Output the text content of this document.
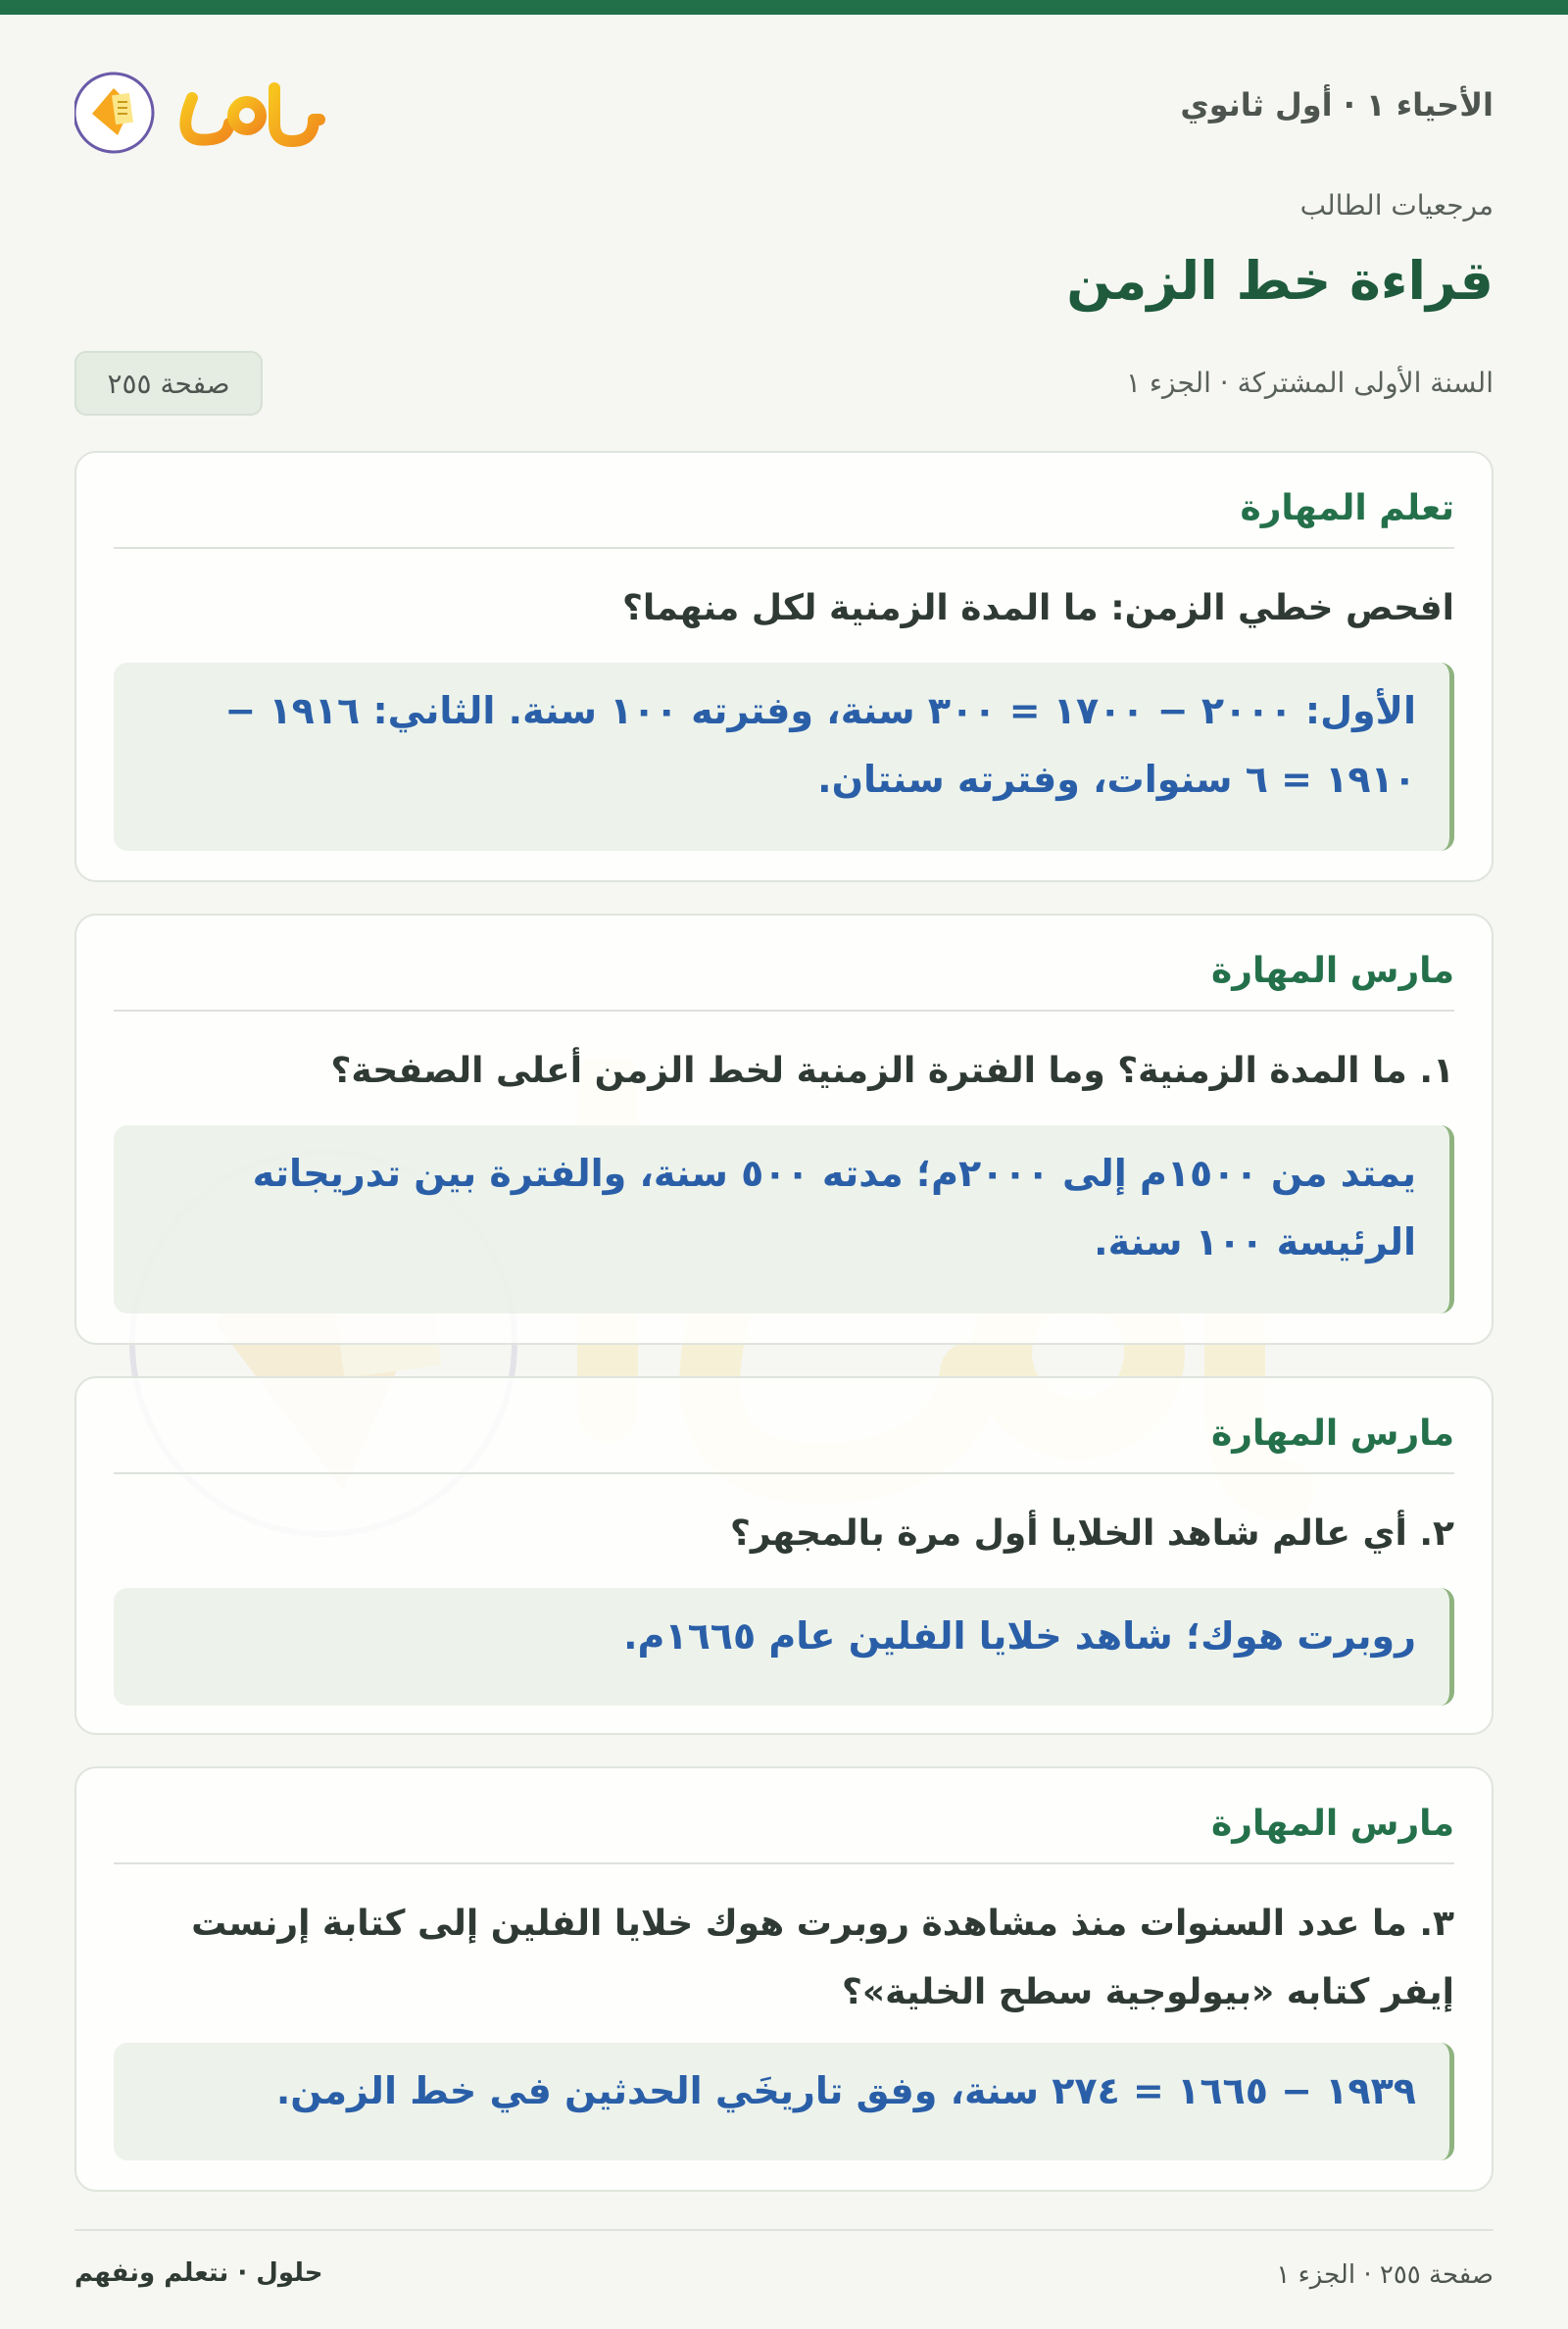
الأحياء ١ · أول ثانوي
مرجعيات الطالب
قراءة خط الزمن
السنة الأولى المشتركة · الجزء ١
صفحة ٢٥٥
تعلم المهارة
افحص خطي الزمن: ما المدة الزمنية لكل منهما؟
الأول: ٢٠٠٠ − ١٧٠٠ = ٣٠٠ سنة، وفترته ١٠٠ سنة. الثاني: ١٩١٦ − ١٩١٠ = ٦ سنوات، وفترته سنتان.
مارس المهارة
١. ما المدة الزمنية؟ وما الفترة الزمنية لخط الزمن أعلى الصفحة؟
يمتد من ١٥٠٠م إلى ٢٠٠٠م؛ مدته ٥٠٠ سنة، والفترة بين تدريجاته الرئيسة ١٠٠ سنة.
مارس المهارة
٢. أي عالم شاهد الخلايا أول مرة بالمجهر؟
روبرت هوك؛ شاهد خلايا الفلين عام ١٦٦٥م.
مارس المهارة
٣. ما عدد السنوات منذ مشاهدة روبرت هوك خلايا الفلين إلى كتابة إرنست إيفر كتابه «بيولوجية سطح الخلية»؟
١٩٣٩ − ١٦٦٥ = ٢٧٤ سنة، وفق تاريخَي الحدثين في خط الزمن.
صفحة ٢٥٥ · الجزء ١
حلول · نتعلم ونفهم
